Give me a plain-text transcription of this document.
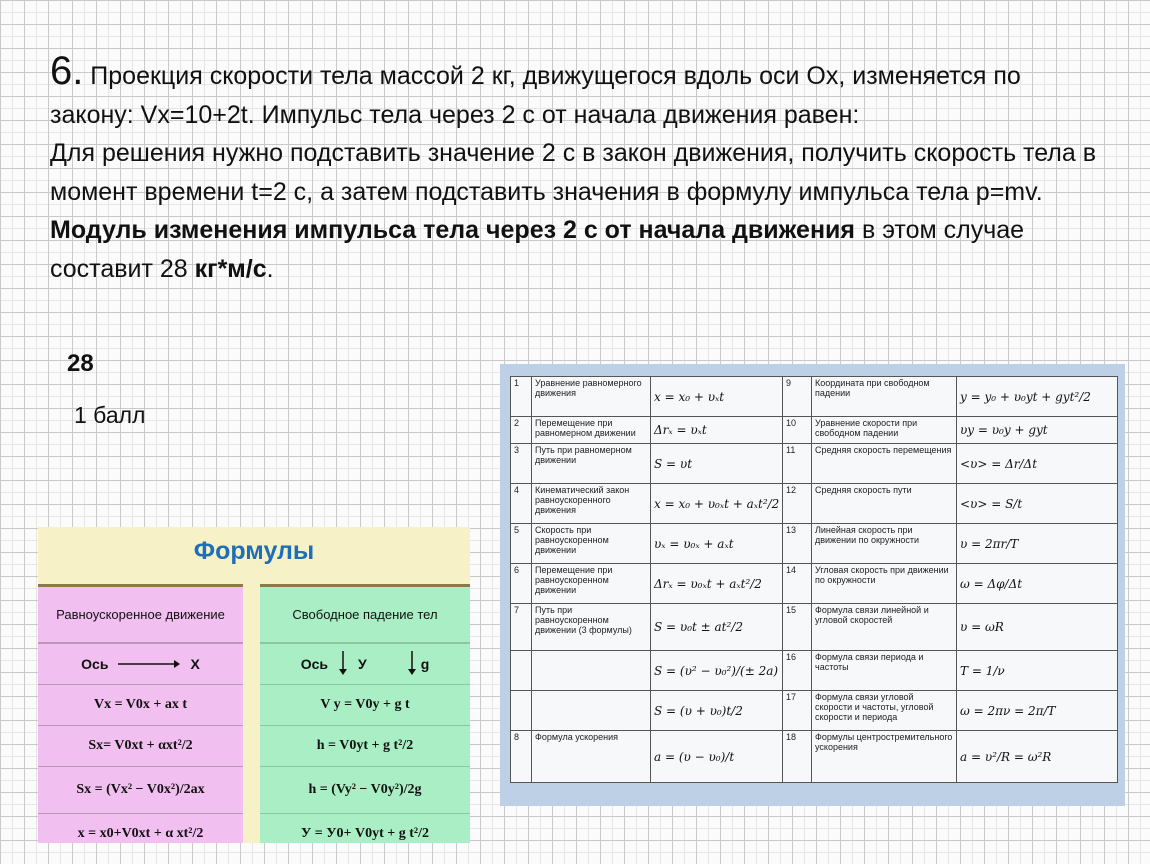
6. Проекция скорости тела массой 2 кг, движущегося вдоль оси Ox, изменяется по закону: Vx=10+2t. Импульс тела через 2 с от начала движения равен:
Для решения нужно подставить значение 2 с в закон движения, получить скорость тела в момент времени t=2 с, а затем подставить значения в формулу импульса тела p=mv. Модуль изменения импульса тела через 2 с от начала движения в этом случае составит 28 кг*м/с.
28
1 балл
Формулы
Равноускоренное движение
Ось	X
Vx = V0x + ax t
Sx= V0xt + αxt²/2
Sx = (Vx² − V0x²)/2ax
x = x0+V0xt + α xt²/2
Свободное падение тел
Ось У	g
V y = V0y + g t
h = V0yt + g t²/2
h = (Vy² − V0y²)/2g
У = У0+ V0yt + g t²/2
1	Уравнение равномерного движения	x = x₀ + υₓt	9	Координата при свободном падении	y = y₀ + υ₀yt + gyt²/2
2	Перемещение при равномерном движении	Δrₓ = υₓt	10	Уравнение скорости при свободном падении	υy = υ₀y + gyt
3	Путь при равномерном движении	S = υt	11	Средняя скорость перемещения	<υ> = Δr/Δt
4	Кинематический закон равноускоренного движения	x = x₀ + υ₀ₓt + aₓt²/2	12	Средняя скорость пути	<υ> = S/t
5	Скорость при равноускоренном движении	υₓ = υ₀ₓ + aₓt	13	Линейная скорость при движении по окружности	υ = 2πr/T
6	Перемещение при равноускоренном движении	Δrₓ = υ₀ₓt + aₓt²/2	14	Угловая скорость при движении по окружности	ω = Δφ/Δt
7	Путь при равноускоренном движении (3 формулы)	S = υ₀t ± at²/2	15	Формула связи линейной и угловой скоростей	υ = ωR
		S = (υ² − υ₀²)/(± 2a)	16	Формула связи периода и частоты	T = 1/ν
		S = (υ + υ₀)t/2	17	Формула связи угловой скорости и частоты, угловой скорости и периода	ω = 2πν = 2π/T
8	Формула ускорения	a = (υ − υ₀)/t	18	Формулы центростремительного ускорения	a = υ²/R = ω²R
